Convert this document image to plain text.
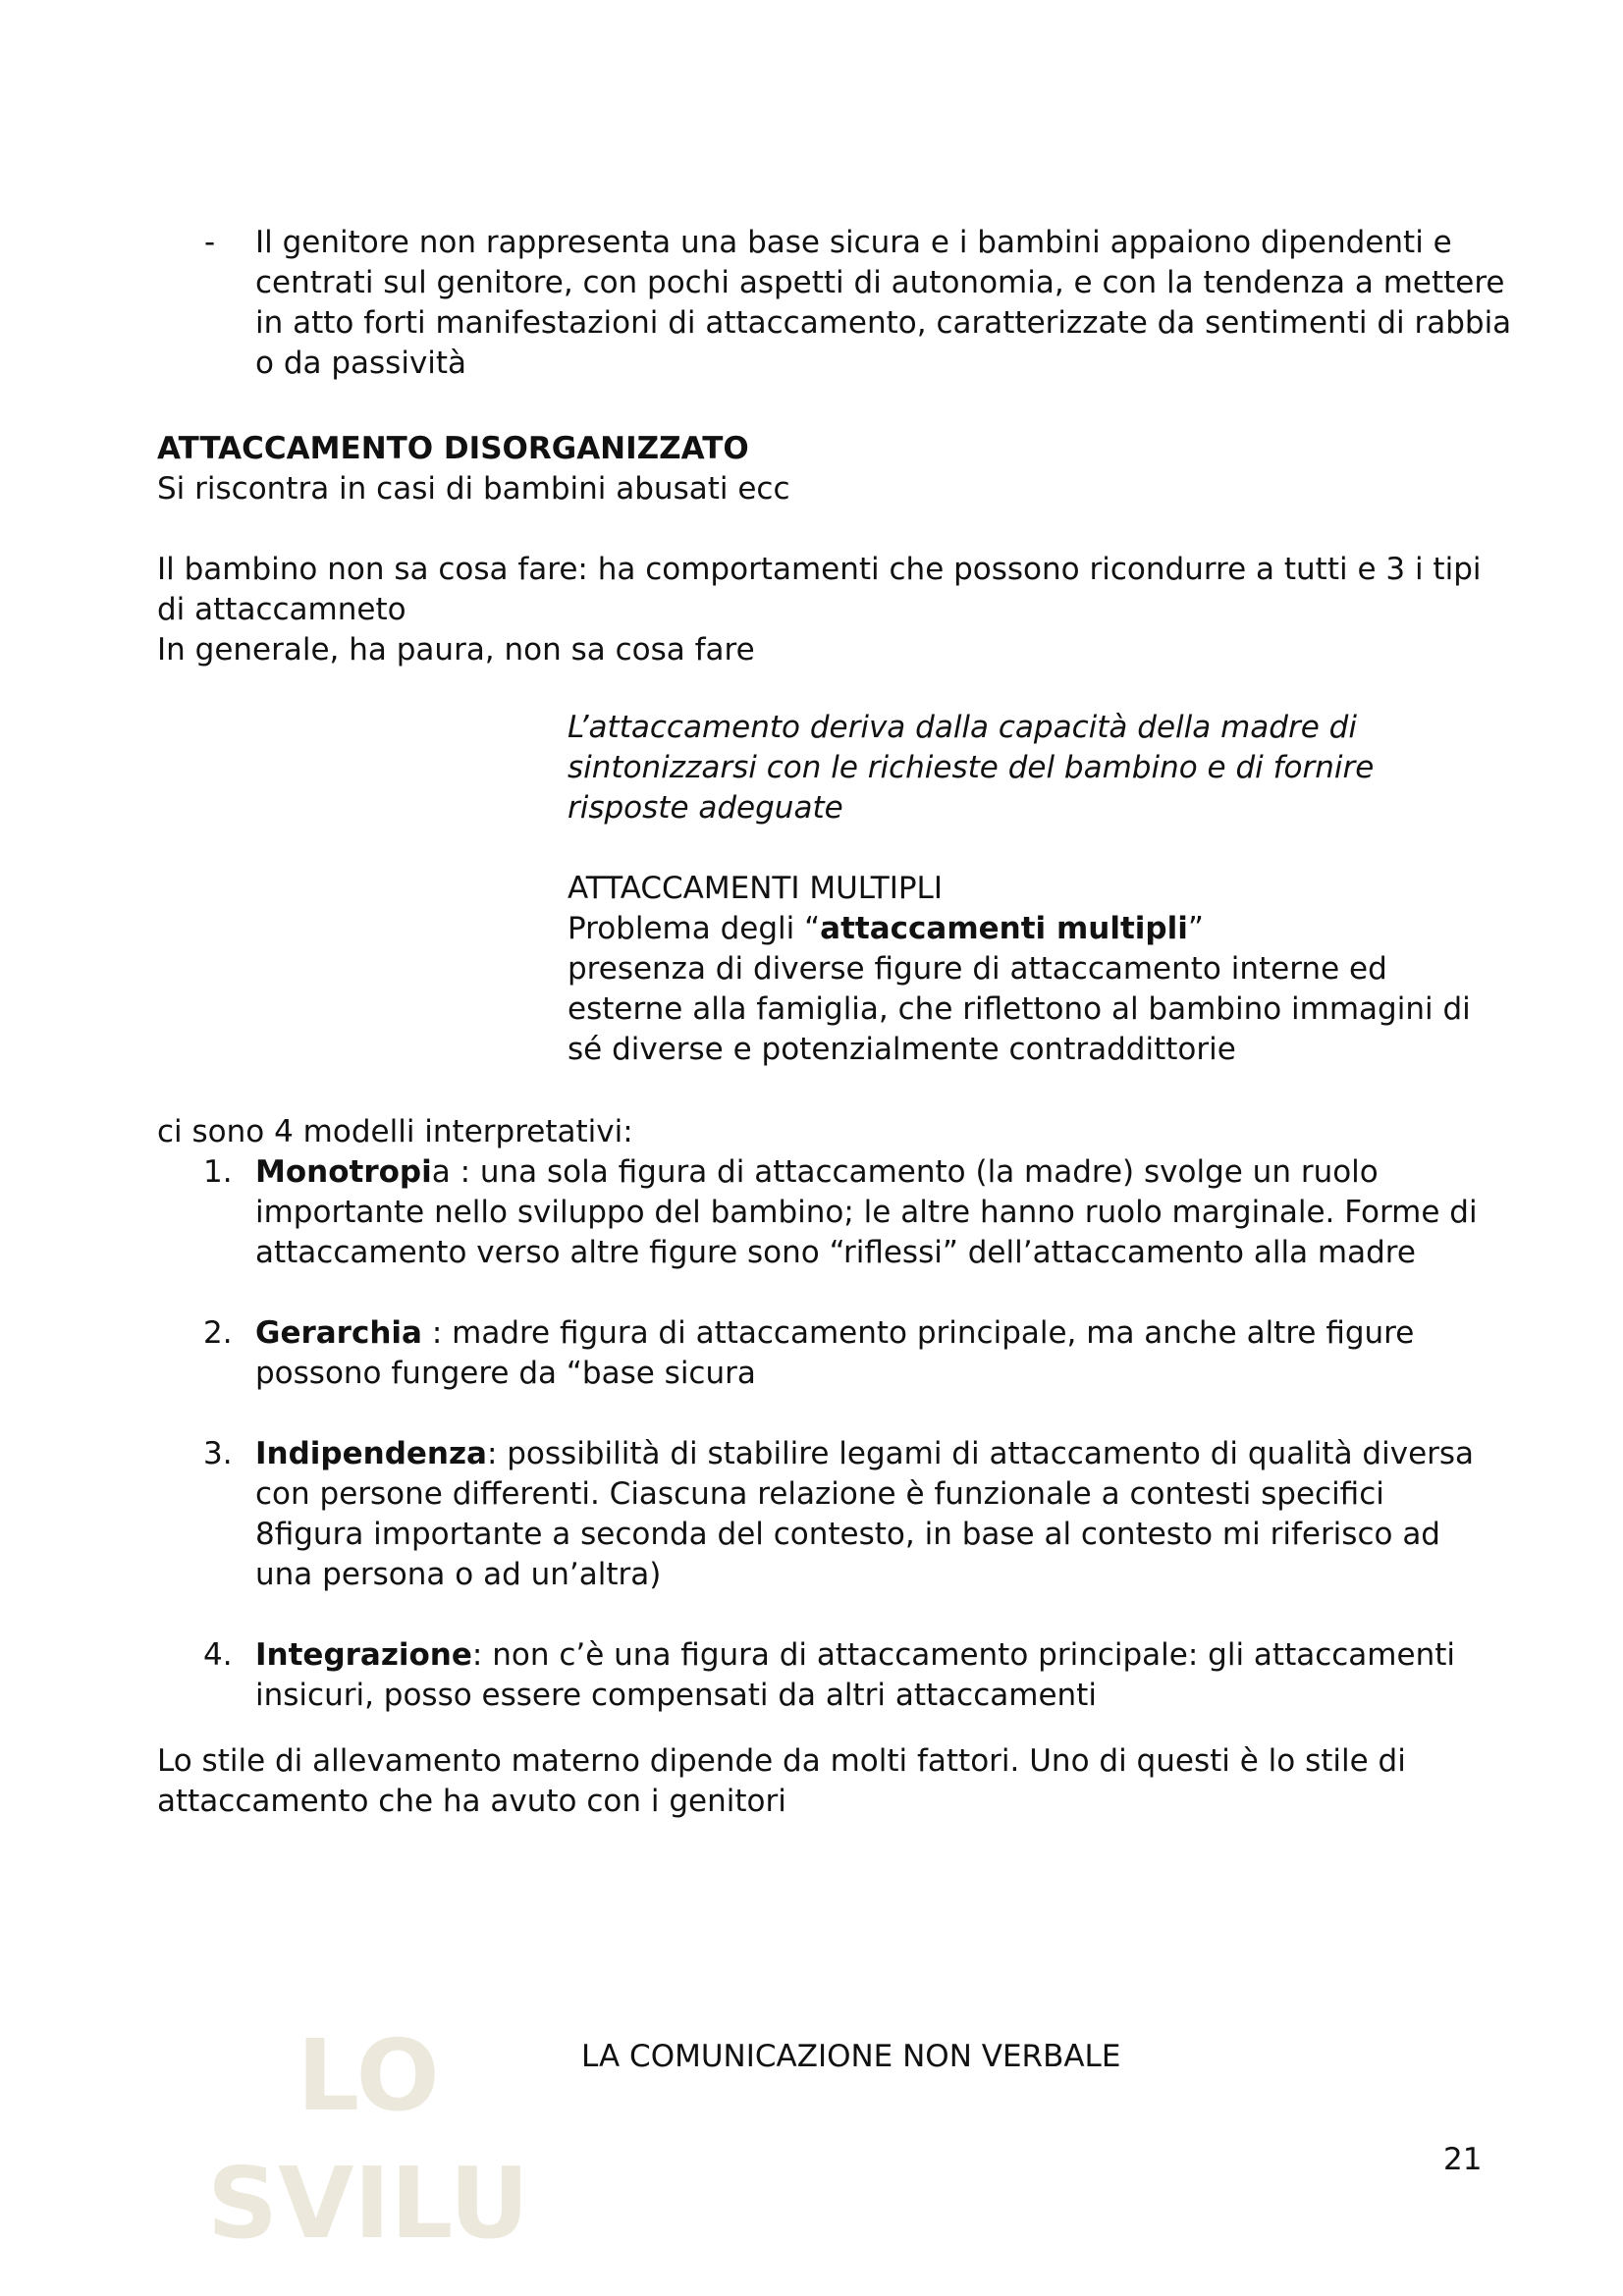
- Il genitore non rappresenta una base sicura e i bambini appaiono dipendenti e centrati sul genitore, con pochi aspetti di autonomia, e con la tendenza a mettere in atto forti manifestazioni di attaccamento, caratterizzate da sentimenti di rabbia o da passività
ATTACCAMENTO DISORGANIZZATO
Si riscontra in casi di bambini abusati ecc
Il bambino non sa cosa fare: ha comportamenti che possono ricondurre a tutti e 3 i tipi di attaccamneto
In generale, ha paura, non sa cosa fare
L’attaccamento deriva dalla capacità della madre di sintonizzarsi con le richieste del bambino e di fornire risposte adeguate
ATTACCAMENTI MULTIPLI
Problema degli “attaccamenti multipli”
presenza di diverse figure di attaccamento interne ed esterne alla famiglia, che riflettono al bambino immagini di sé diverse e potenzialmente contraddittorie
ci sono 4 modelli interpretativi:
1. Monotropia : una sola figura di attaccamento (la madre) svolge un ruolo importante nello sviluppo del bambino; le altre hanno ruolo marginale. Forme di attaccamento verso altre figure sono “riflessi” dell’attaccamento alla madre
2. Gerarchia : madre figura di attaccamento principale, ma anche altre figure possono fungere da “base sicura
3. Indipendenza: possibilità di stabilire legami di attaccamento di qualità diversa con persone differenti. Ciascuna relazione è funzionale a contesti specifici 8figura importante a seconda del contesto, in base al contesto mi riferisco ad una persona o ad un’altra)
4. Integrazione: non c’è una figura di attaccamento principale: gli attaccamenti insicuri, posso essere compensati da altri attaccamenti
Lo stile di allevamento materno dipende da molti fattori. Uno di questi è lo stile di attaccamento che ha avuto con i genitori
LO
SVILU
LA COMUNICAZIONE NON VERBALE
21
